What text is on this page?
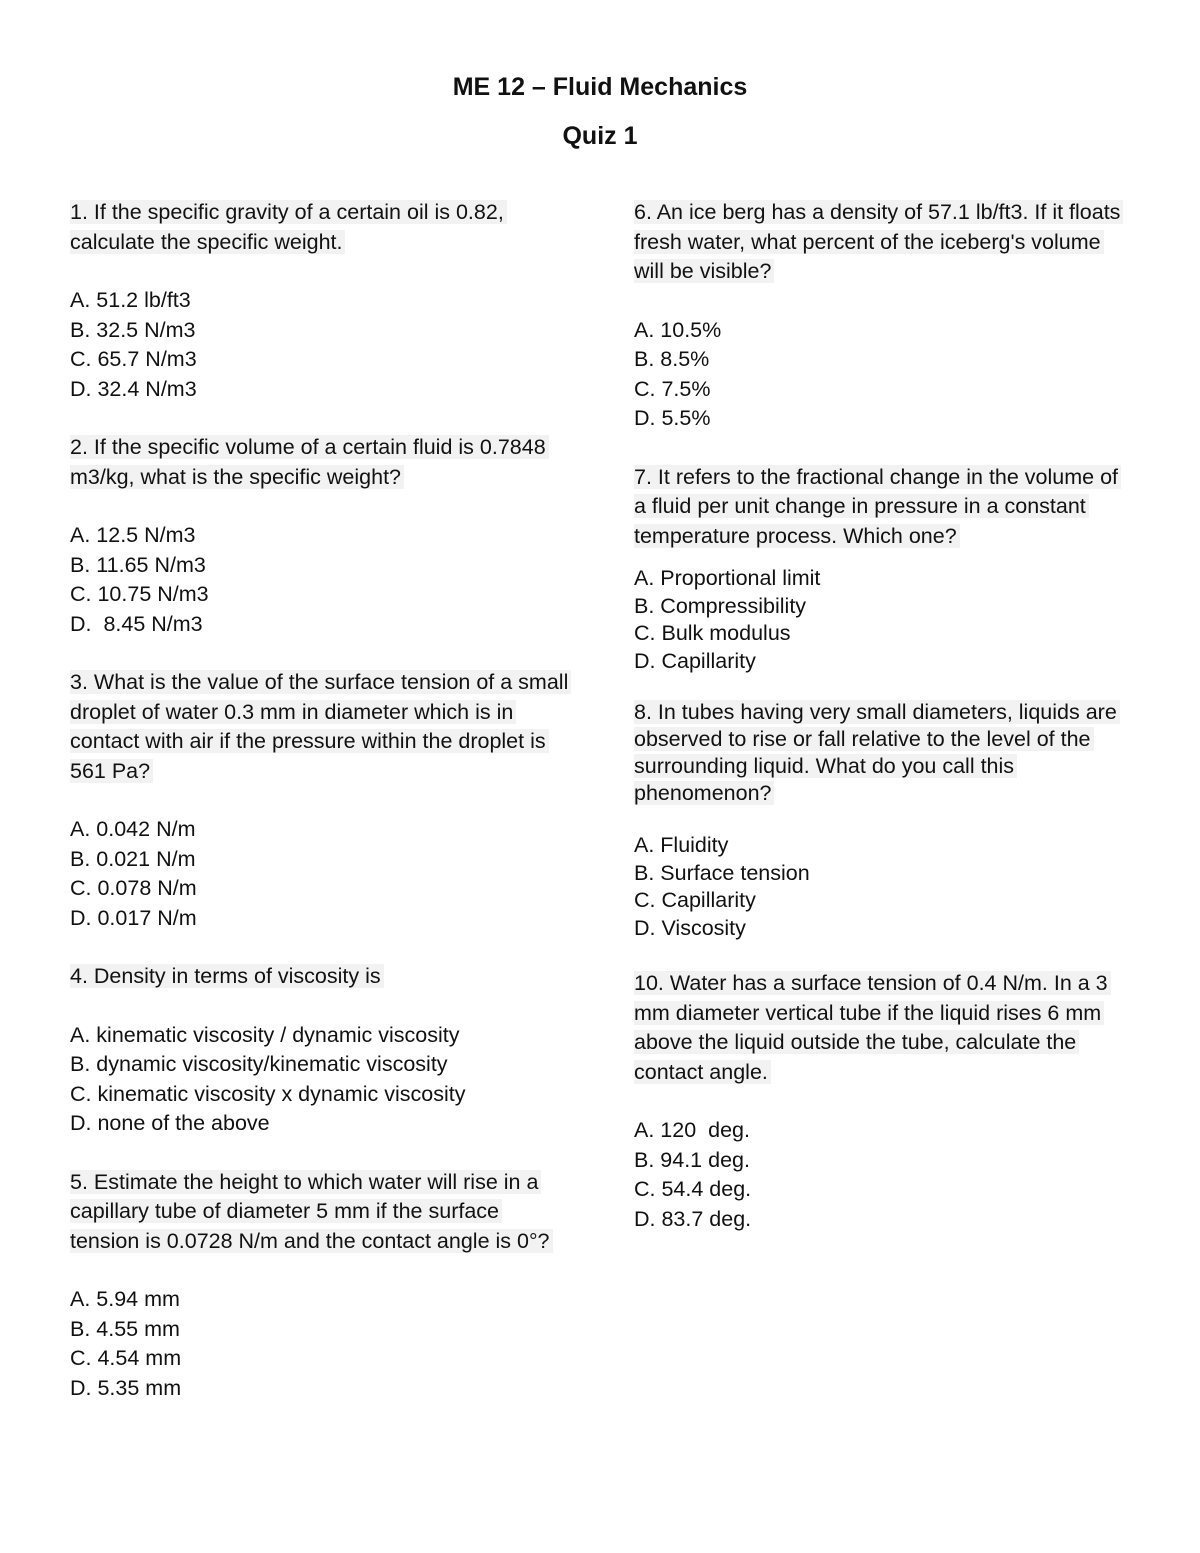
ME 12 – Fluid Mechanics
Quiz 1

1. If the specific gravity of a certain oil is 0.82, calculate the specific weight.

A. 51.2 lb/ft3
B. 32.5 N/m3
C. 65.7 N/m3
D. 32.4 N/m3

2. If the specific volume of a certain fluid is 0.7848 m3/kg, what is the specific weight?

A. 12.5 N/m3
B. 11.65 N/m3
C. 10.75 N/m3
D.  8.45 N/m3

3. What is the value of the surface tension of a small droplet of water 0.3 mm in diameter which is in contact with air if the pressure within the droplet is 561 Pa?

A. 0.042 N/m
B. 0.021 N/m
C. 0.078 N/m
D. 0.017 N/m

4. Density in terms of viscosity is

A. kinematic viscosity / dynamic viscosity
B. dynamic viscosity/kinematic viscosity
C. kinematic viscosity x dynamic viscosity
D. none of the above

5. Estimate the height to which water will rise in a capillary tube of diameter 5 mm if the surface tension is 0.0728 N/m and the contact angle is 0°?

A. 5.94 mm
B. 4.55 mm
C. 4.54 mm
D. 5.35 mm

6. An ice berg has a density of 57.1 lb/ft3. If it floats fresh water, what percent of the iceberg's volume will be visible?

A. 10.5%
B. 8.5%
C. 7.5%
D. 5.5%

7. It refers to the fractional change in the volume of a fluid per unit change in pressure in a constant temperature process. Which one?

A. Proportional limit
B. Compressibility
C. Bulk modulus
D. Capillarity

8. In tubes having very small diameters, liquids are observed to rise or fall relative to the level of the surrounding liquid. What do you call this phenomenon?

A. Fluidity
B. Surface tension
C. Capillarity
D. Viscosity

10. Water has a surface tension of 0.4 N/m. In a 3 mm diameter vertical tube if the liquid rises 6 mm above the liquid outside the tube, calculate the contact angle.

A. 120  deg.
B. 94.1 deg.
C. 54.4 deg.
D. 83.7 deg.
